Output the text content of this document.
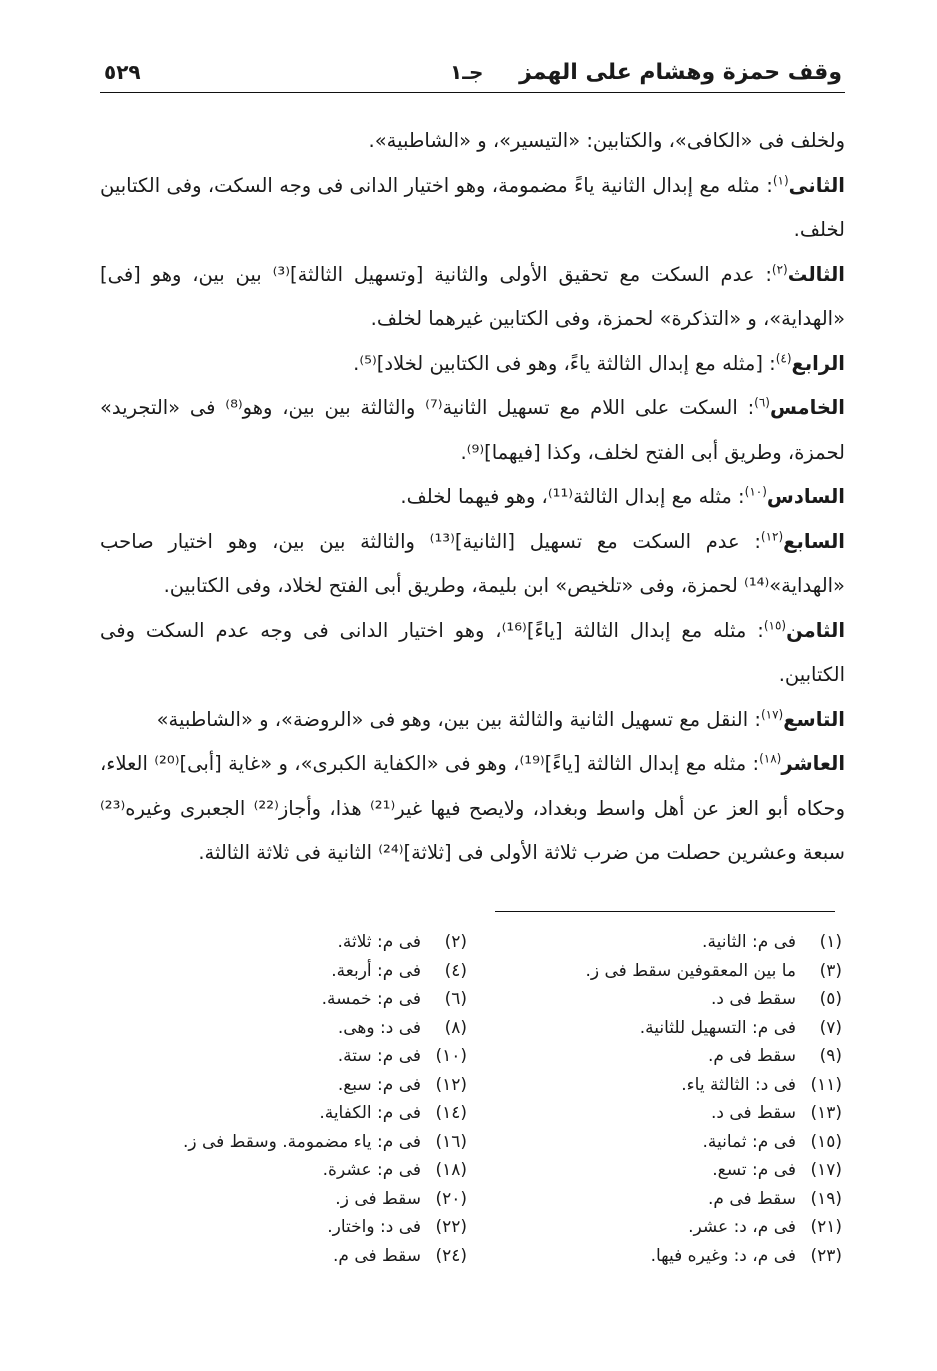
وقف حمزة وهشام على الهمز
جـ١
٥٢٩

ولخلف فى «الكافى»، والكتابين: «التيسير»، و «الشاطبية».

الثانى$^{(١)}$: مثله مع إبدال الثانية ياءً مضمومة، وهو اختيار الدانى فى وجه السكت، وفى الكتابين لخلف.

الثالث$^{(٢)}$: عدم السكت مع تحقيق الأولى والثانية [وتسهيل الثالثة]⁽³⁾ بين بين، وهو [فى] «الهداية»، و «التذكرة» لحمزة، وفى الكتابين غيرهما لخلف.

الرابع$^{(٤)}$: [مثله مع إبدال الثالثة ياءً، وهو فى الكتابين لخلاد]⁽⁵⁾.

الخامس$^{(٦)}$: السكت على اللام مع تسهيل الثانية⁽⁷⁾ والثالثة بين بين، وهو⁽⁸⁾ فى «التجريد» لحمزة، وطريق أبى الفتح لخلف، وكذا [فيهما]⁽⁹⁾.

السادس$^{(١٠)}$: مثله مع إبدال الثالثة⁽¹¹⁾، وهو فيهما لخلف.

السابع$^{(١٢)}$: عدم السكت مع تسهيل [الثانية]⁽¹³⁾ والثالثة بين بين، وهو اختيار صاحب «الهداية»⁽¹⁴⁾ لحمزة، وفى «تلخيص» ابن بليمة، وطريق أبى الفتح لخلاد، وفى الكتابين.

الثامن$^{(١٥)}$: مثله مع إبدال الثالثة [ياءً]⁽¹⁶⁾، وهو اختيار الدانى فى وجه عدم السكت وفى الكتابين.

التاسع$^{(١٧)}$: النقل مع تسهيل الثانية والثالثة بين بين، وهو فى «الروضة»، و «الشاطبية»

العاشر$^{(١٨)}$: مثله مع إبدال الثالثة [ياءً]⁽¹⁹⁾، وهو فى «الكفاية الكبرى»، و «غاية [أبى]⁽²⁰⁾ العلاء، وحكاه أبو العز عن أهل واسط وبغداد، ولايصح فيها غير⁽²¹⁾ هذا، وأجاز⁽²²⁾ الجعبرى وغيره⁽²³⁾ سبعة وعشرين حصلت من ضرب ثلاثة الأولى فى [ثلاثة]⁽²⁴⁾ الثانية فى ثلاثة الثالثة.

(١)فى م: الثانية.
(٣)ما بين المعقوفين سقط فى ز.
(٥)سقط فى د.
(٧)فى م: التسهيل للثانية.
(٩)سقط فى م.
(١١)فى د: الثالثة ياء.
(١٣)سقط فى د.
(١٥)فى م: ثمانية.
(١٧)فى م: تسع.
(١٩)سقط فى م.
(٢١)فى م، د: عشر.
(٢٣)فى م، د: وغيره فيها.
(٢)فى م: ثلاثة.
(٤)فى م: أربعة.
(٦)فى م: خمسة.
(٨)فى د: وهى.
(١٠)فى م: ستة.
(١٢)فى م: سبع.
(١٤)فى م: الكفاية.
(١٦)فى م: ياء مضمومة. وسقط فى ز.
(١٨)فى م: عشرة.
(٢٠)سقط فى ز.
(٢٢)فى د: واختار.
(٢٤)سقط فى م.
